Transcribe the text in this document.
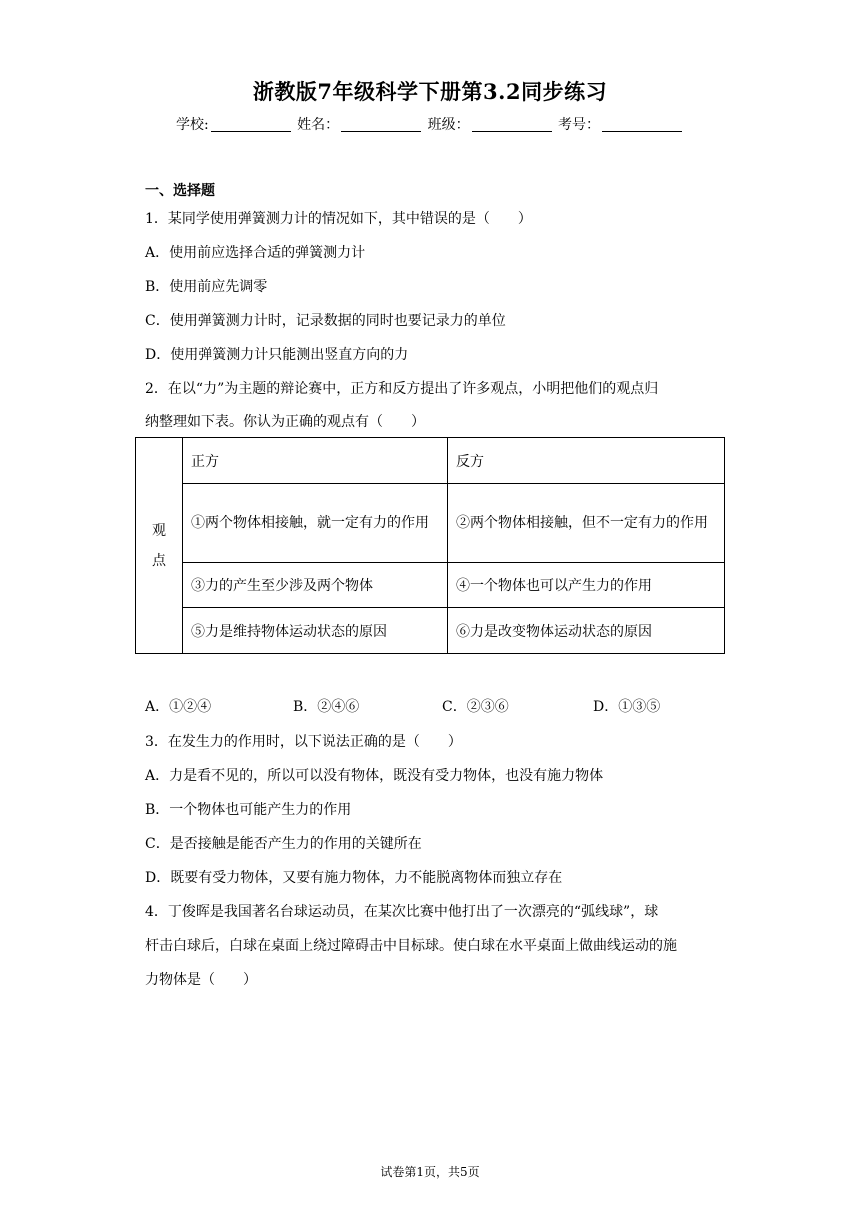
浙教版7年级科学下册第3.2同步练习
学校:	姓名：	班级：	考号：
一、选择题
1．某同学使用弹簧测力计的情况如下，其中错误的是（　　）
A．使用前应选择合适的弹簧测力计
B．使用前应先调零
C．使用弹簧测力计时，记录数据的同时也要记录力的单位
D．使用弹簧测力计只能测出竖直方向的力
2．在以“力”为主题的辩论赛中，正方和反方提出了许多观点，小明把他们的观点归
纳整理如下表。你认为正确的观点有（　　）
观
点	正方	反方
	①两个物体相接触，就一定有力的作用	②两个物体相接触，但不一定有力的作用
	③力的产生至少涉及两个物体	④一个物体也可以产生力的作用
	⑤力是维持物体运动状态的原因	⑥力是改变物体运动状态的原因
A．①②④	B．②④⑥	C．②③⑥	D．①③⑤
3．在发生力的作用时，以下说法正确的是（　　）
A．力是看不见的，所以可以没有物体，既没有受力物体，也没有施力物体
B．一个物体也可能产生力的作用
C．是否接触是能否产生力的作用的关键所在
D．既要有受力物体，又要有施力物体，力不能脱离物体而独立存在
4．丁俊晖是我国著名台球运动员，在某次比赛中他打出了一次漂亮的“弧线球”，球
杆击白球后，白球在桌面上绕过障碍击中目标球。使白球在水平桌面上做曲线运动的施
力物体是（　　）
试卷第1页，共5页
